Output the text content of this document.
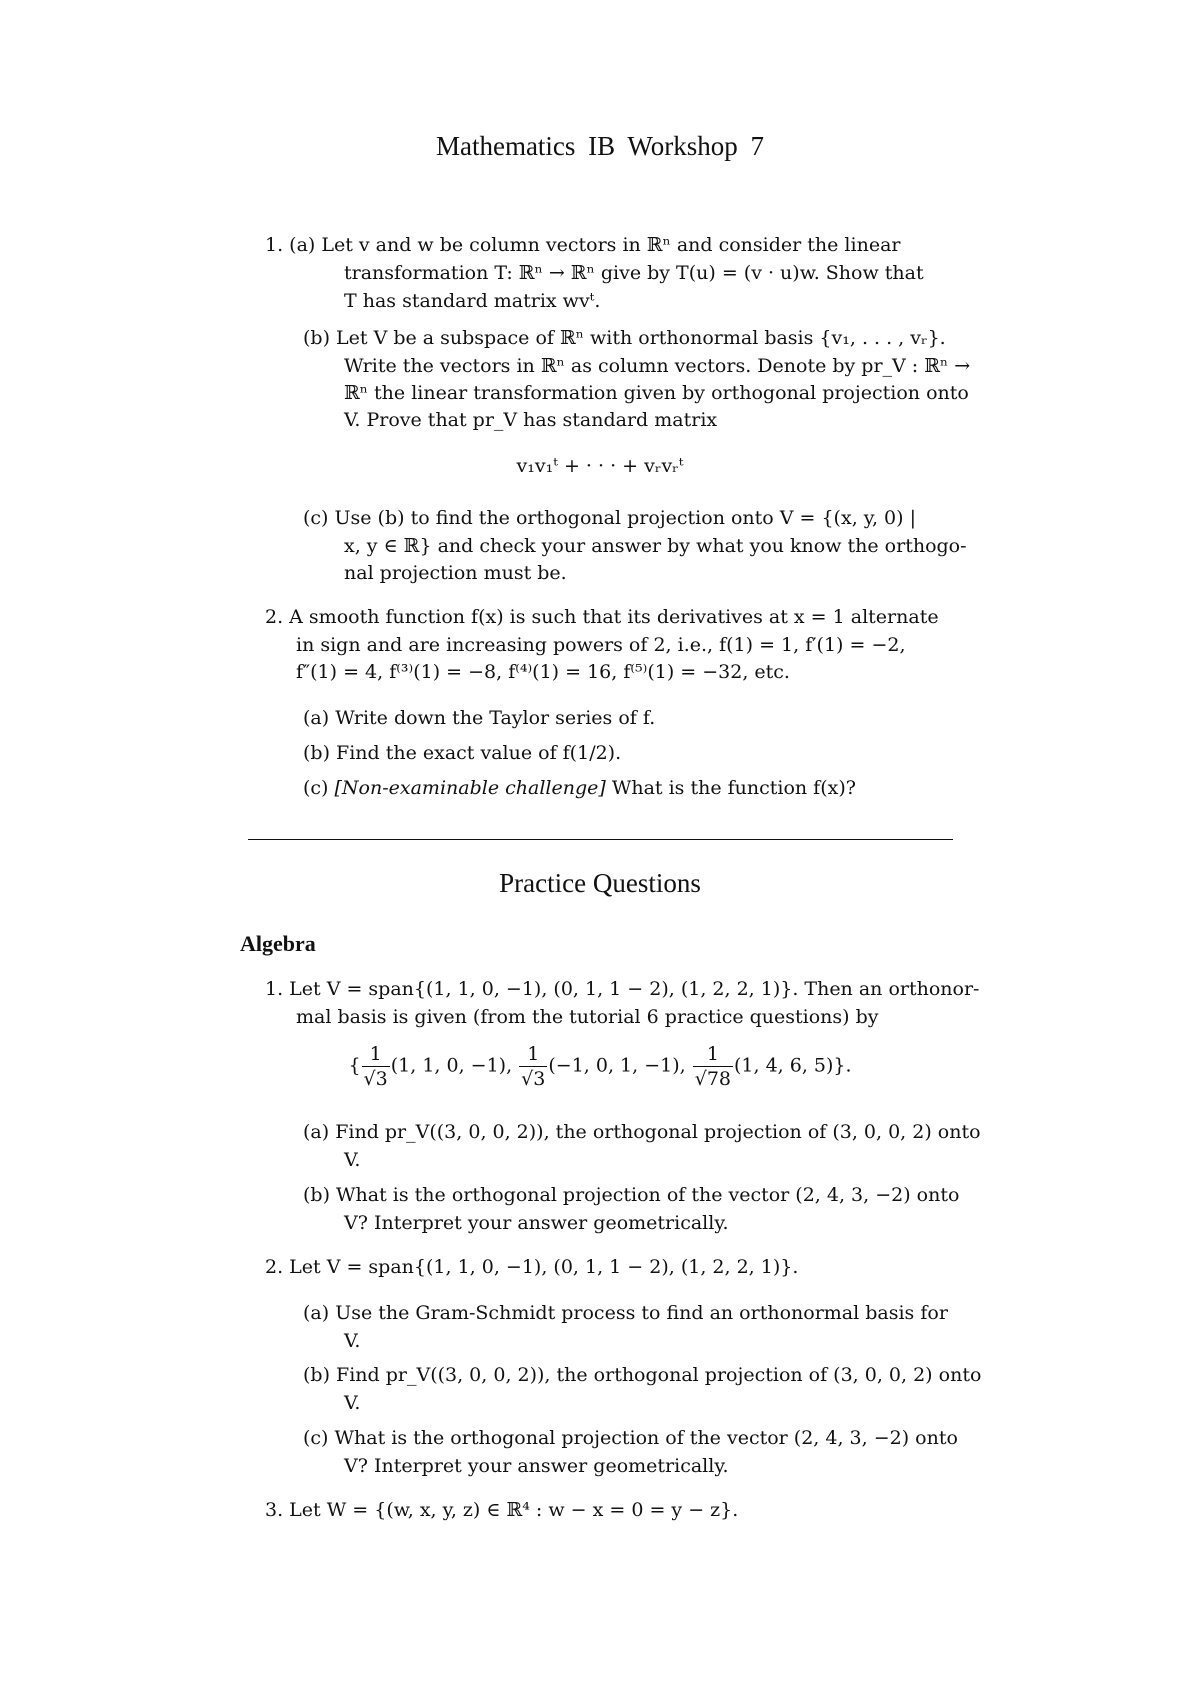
Mathematics IB Workshop 7
1. (a) Let v and w be column vectors in ℝⁿ and consider the linear
transformation T: ℝⁿ → ℝⁿ give by T(u) = (v · u)w. Show that
T has standard matrix wvᵗ.
(b) Let V be a subspace of ℝⁿ with orthonormal basis {v₁, . . . , vᵣ}.
Write the vectors in ℝⁿ as column vectors. Denote by pr_V : ℝⁿ →
ℝⁿ the linear transformation given by orthogonal projection onto
V. Prove that pr_V has standard matrix
v₁v₁ᵗ + · · · + vᵣvᵣᵗ
(c) Use (b) to find the orthogonal projection onto V = {(x, y, 0) |
x, y ∈ ℝ} and check your answer by what you know the orthogo-
nal projection must be.
2. A smooth function f(x) is such that its derivatives at x = 1 alternate
in sign and are increasing powers of 2, i.e., f(1) = 1, f′(1) = −2,
f″(1) = 4, f⁽³⁾(1) = −8, f⁽⁴⁾(1) = 16, f⁽⁵⁾(1) = −32, etc.
(a) Write down the Taylor series of f.
(b) Find the exact value of f(1/2).
(c) [Non-examinable challenge] What is the function f(x)?
Practice Questions
Algebra
1. Let V = span{(1, 1, 0, −1), (0, 1, 1 − 2), (1, 2, 2, 1)}. Then an orthonor-
mal basis is given (from the tutorial 6 practice questions) by
{ $\frac{1}{√3} (1$, 1, 0, −1), $\frac{1}{√3} (-1$, 0, 1, −1), $\frac{1}{√78} (1$, 4, 6, 5)}.
(a) Find pr_V((3, 0, 0, 2)), the orthogonal projection of (3, 0, 0, 2) onto
V.
(b) What is the orthogonal projection of the vector (2, 4, 3, −2) onto
V? Interpret your answer geometrically.
2. Let V = span{(1, 1, 0, −1), (0, 1, 1 − 2), (1, 2, 2, 1)}.
(a) Use the Gram-Schmidt process to find an orthonormal basis for
V.
(b) Find pr_V((3, 0, 0, 2)), the orthogonal projection of (3, 0, 0, 2) onto
V.
(c) What is the orthogonal projection of the vector (2, 4, 3, −2) onto
V? Interpret your answer geometrically.
3. Let W = {(w, x, y, z) ∈ ℝ⁴ : w − x = 0 = y − z}.
